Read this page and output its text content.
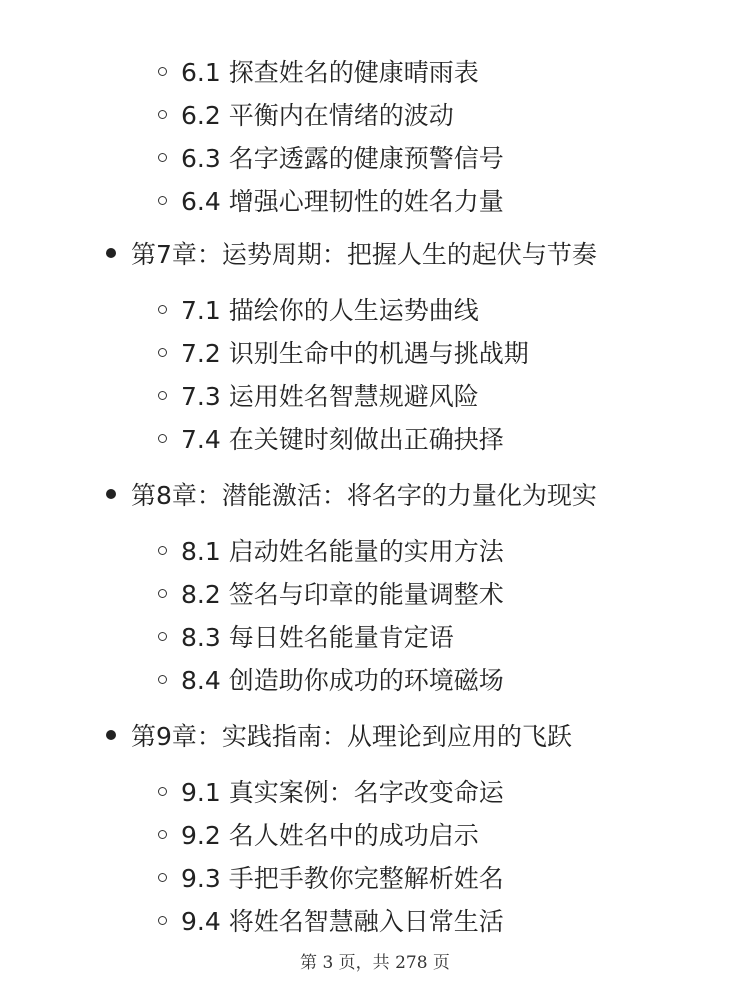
6.1 探查姓名的健康晴雨表
6.2 平衡内在情绪的波动
6.3 名字透露的健康预警信号
6.4 增强心理韧性的姓名力量
第7章：运势周期：把握人生的起伏与节奏
7.1 描绘你的人生运势曲线
7.2 识别生命中的机遇与挑战期
7.3 运用姓名智慧规避风险
7.4 在关键时刻做出正确抉择
第8章：潜能激活：将名字的力量化为现实
8.1 启动姓名能量的实用方法
8.2 签名与印章的能量调整术
8.3 每日姓名能量肯定语
8.4 创造助你成功的环境磁场
第9章：实践指南：从理论到应用的飞跃
9.1 真实案例：名字改变命运
9.2 名人姓名中的成功启示
9.3 手把手教你完整解析姓名
9.4 将姓名智慧融入日常生活
第 3 页，共 278 页
